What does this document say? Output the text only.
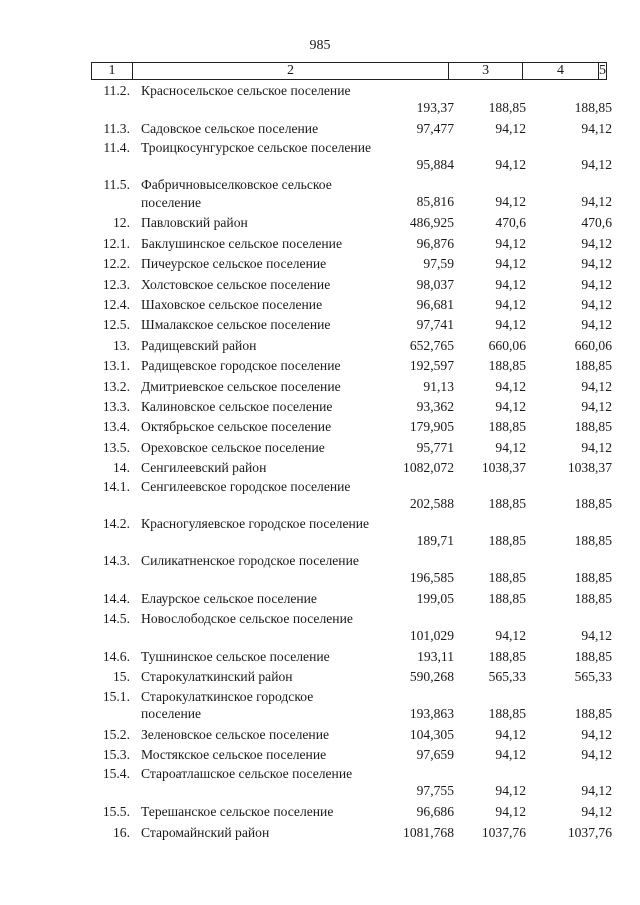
985
1	2	3	4	5
11.2. Красносельское сельское поселение
193,37	188,85	188,85
11.3. Садовское сельское поселение	97,477	94,12	94,12
11.4. Троицкосунгурское сельское поселение
95,884	94,12	94,12
11.5. Фабричновыселковское сельское поселение	85,816	94,12	94,12
12. Павловский район	486,925	470,6	470,6
12.1. Баклушинское сельское поселение	96,876	94,12	94,12
12.2. Пичеурское сельское поселение	97,59	94,12	94,12
12.3. Холстовское сельское поселение	98,037	94,12	94,12
12.4. Шаховское сельское поселение	96,681	94,12	94,12
12.5. Шмалакское сельское поселение	97,741	94,12	94,12
13. Радищевский район	652,765	660,06	660,06
13.1. Радищевское городское поселение	192,597	188,85	188,85
13.2. Дмитриевское сельское поселение	91,13	94,12	94,12
13.3. Калиновское сельское поселение	93,362	94,12	94,12
13.4. Октябрьское сельское поселение	179,905	188,85	188,85
13.5. Ореховское сельское поселение	95,771	94,12	94,12
14. Сенгилеевский район	1082,072	1038,37	1038,37
14.1. Сенгилеевское городское поселение
202,588	188,85	188,85
14.2. Красногуляевское городское поселение
189,71	188,85	188,85
14.3. Силикатненское городское поселение
196,585	188,85	188,85
14.4. Елаурское сельское поселение	199,05	188,85	188,85
14.5. Новослободское сельское поселение
101,029	94,12	94,12
14.6. Тушнинское сельское поселение	193,11	188,85	188,85
15. Старокулаткинский район	590,268	565,33	565,33
15.1. Старокулаткинское городское поселение	193,863	188,85	188,85
15.2. Зеленовское сельское поселение	104,305	94,12	94,12
15.3. Мостякское сельское поселение	97,659	94,12	94,12
15.4. Староатлашское сельское поселение
97,755	94,12	94,12
15.5. Терешанское сельское поселение	96,686	94,12	94,12
16. Старомайнский район	1081,768	1037,76	1037,76
